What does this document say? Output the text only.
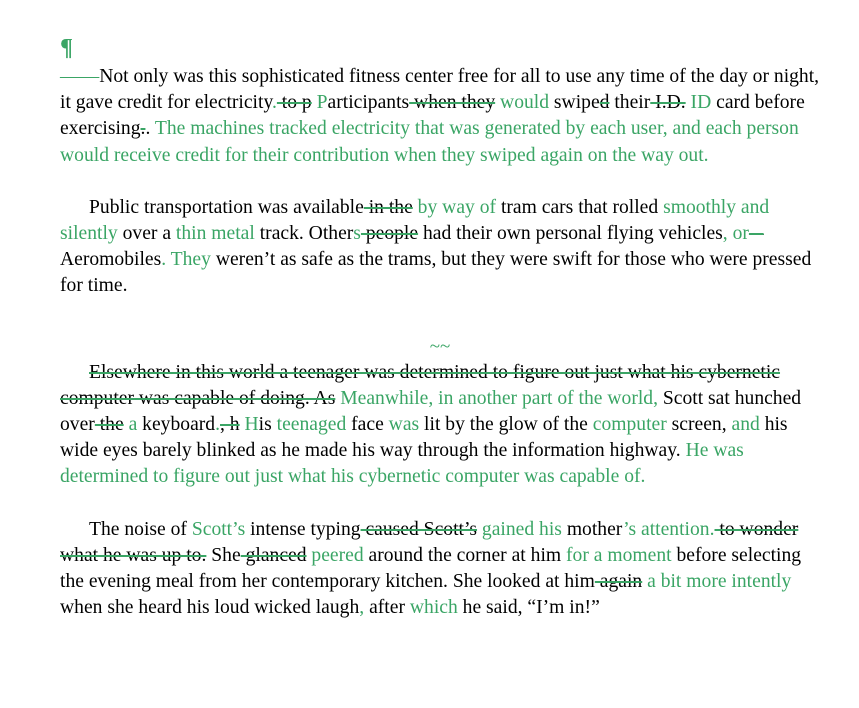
¶

——Not only was this sophisticated fitness center free for all to use any time of the day or night, it gave credit for electricity. to p Participants when they would swiped their I.D. ID card before exercising.. The machines tracked electricity that was generated by each user, and each person would receive credit for their contribution when they swiped again on the way out.

Public transportation was available in the by way of tram cars that rolled smoothly and silently over a thin metal track. Others people had their own personal flying vehicles, or –Aeromobiles. They weren’t as safe as the trams, but they were swift for those who were pressed for time.

~~

Elsewhere in this world a teenager was determined to figure out just what his cybernetic computer was capable of doing. As Meanwhile, in another part of the world, Scott sat hunched over the a keyboard., h His teenaged face was lit by the glow of the computer screen, and his wide eyes barely blinked as he made his way through the information highway. He was determined to figure out just what his cybernetic computer was capable of.

The noise of Scott’s intense typing caused Scott’s gained his mother’s attention. to wonder what he was up to. She glanced peered around the corner at him for a moment before selecting the evening meal from her contemporary kitchen. She looked at him again a bit more intently when she heard his loud wicked laugh, after which he said, “I’m in!”
